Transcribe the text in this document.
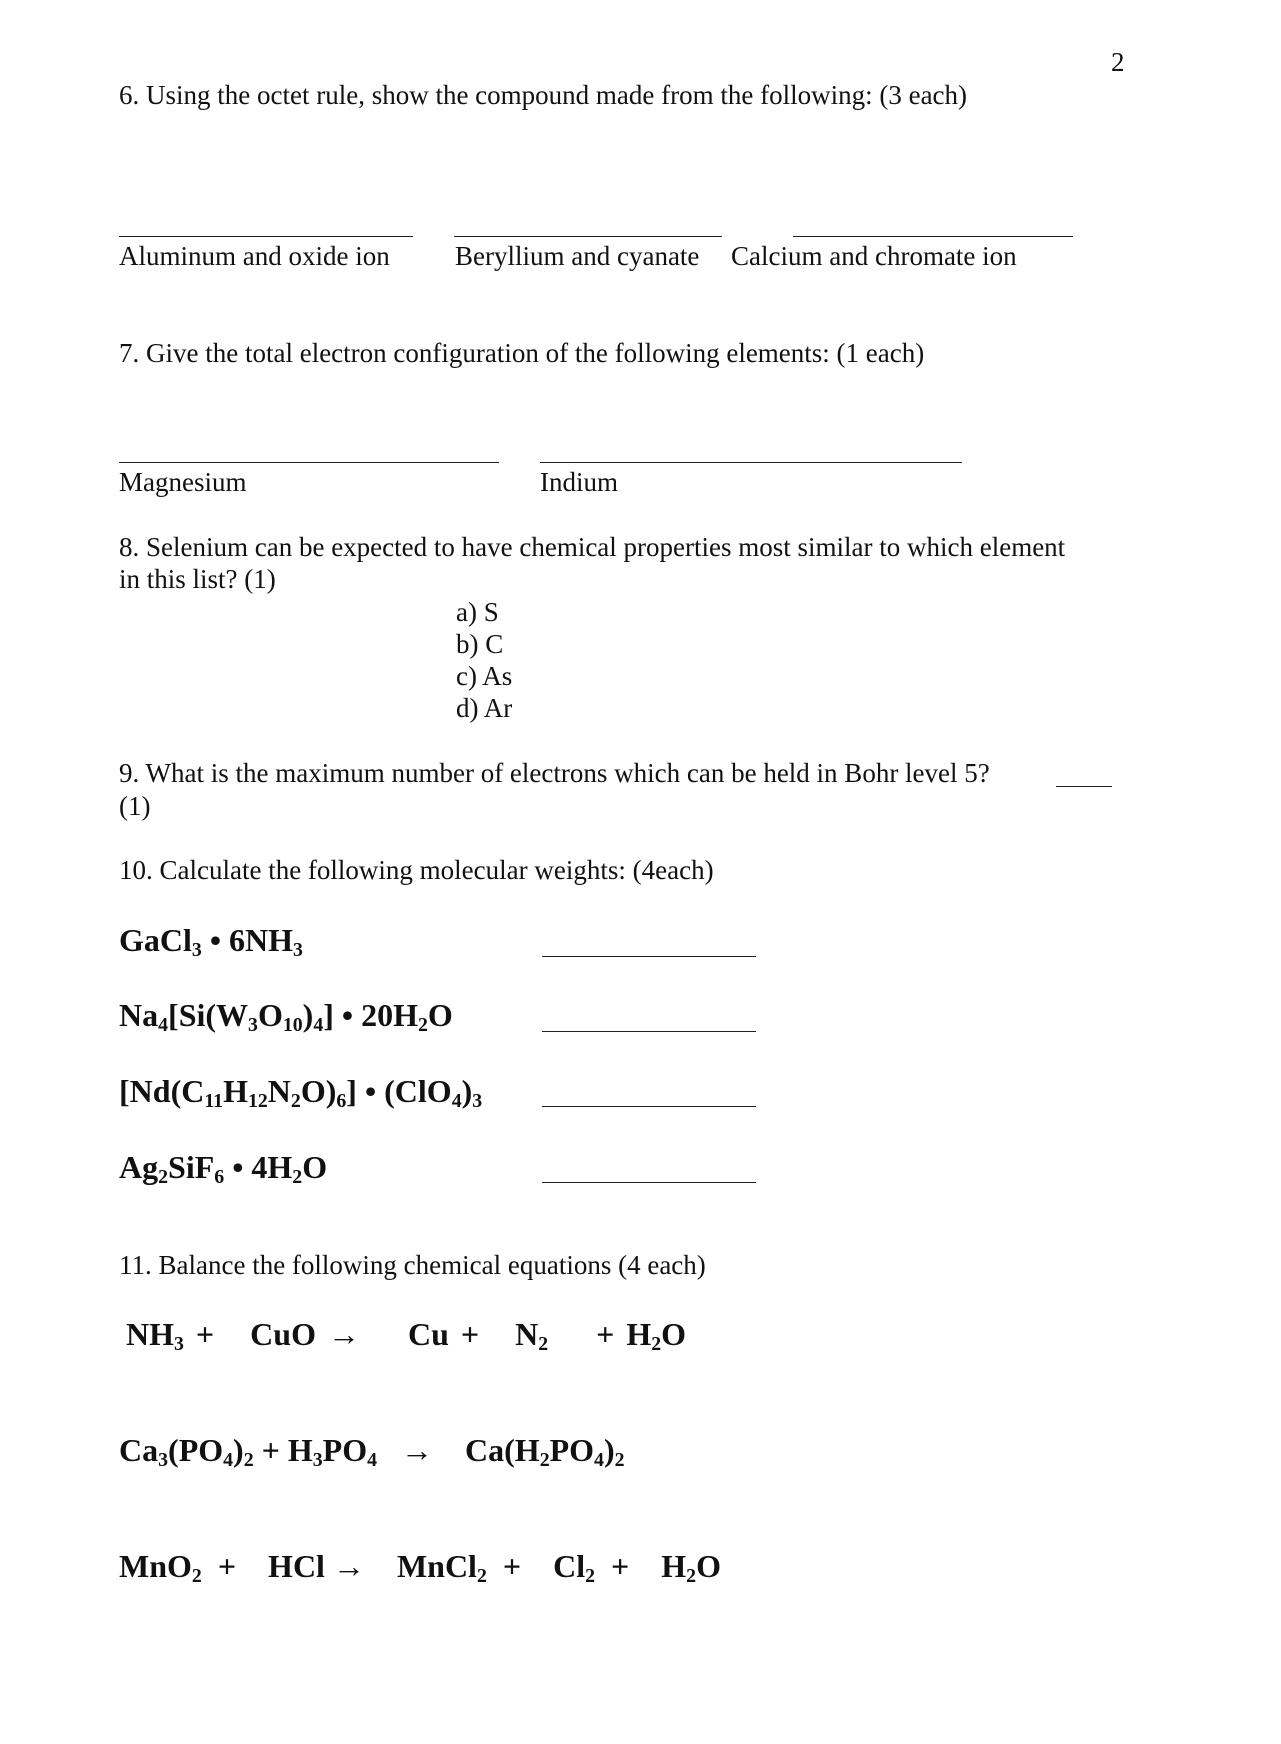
2
6. Using the octet rule, show the compound made from the following: (3 each)
Aluminum and oxide ion Beryllium and cyanate Calcium and chromate ion
7. Give the total electron configuration of the following elements: (1 each)
Magnesium	Indium
8. Selenium can be expected to have chemical properties most similar to which element
in this list? (1)
a) S
b) C
c) As
d) Ar
9. What is the maximum number of electrons which can be held in Bohr level 5?
(1)
10. Calculate the following molecular weights: (4each)
GaCl$_3$ • $6NH_3$
$Na_4[Si(W_3O_{10})_4]$ • $20H_2O$
$[Nd(C_{11}H_{12}N_2O)_6]$ • $(ClO_4)_3$
$Ag_2SiF_6$ • $4H_2O$
11. Balance the following chemical equations (4 each)
$NH_3$ +   CuO →    $Cu + N_2$    + $H_2O$
$Ca_3(PO_4)_2 + H_3PO_4$   →    $Ca(H_2PO_4)_2$
MnO$_2$  +    HCl →    MnCl$_2$  +    $Cl_2$  +    $H_2O$
